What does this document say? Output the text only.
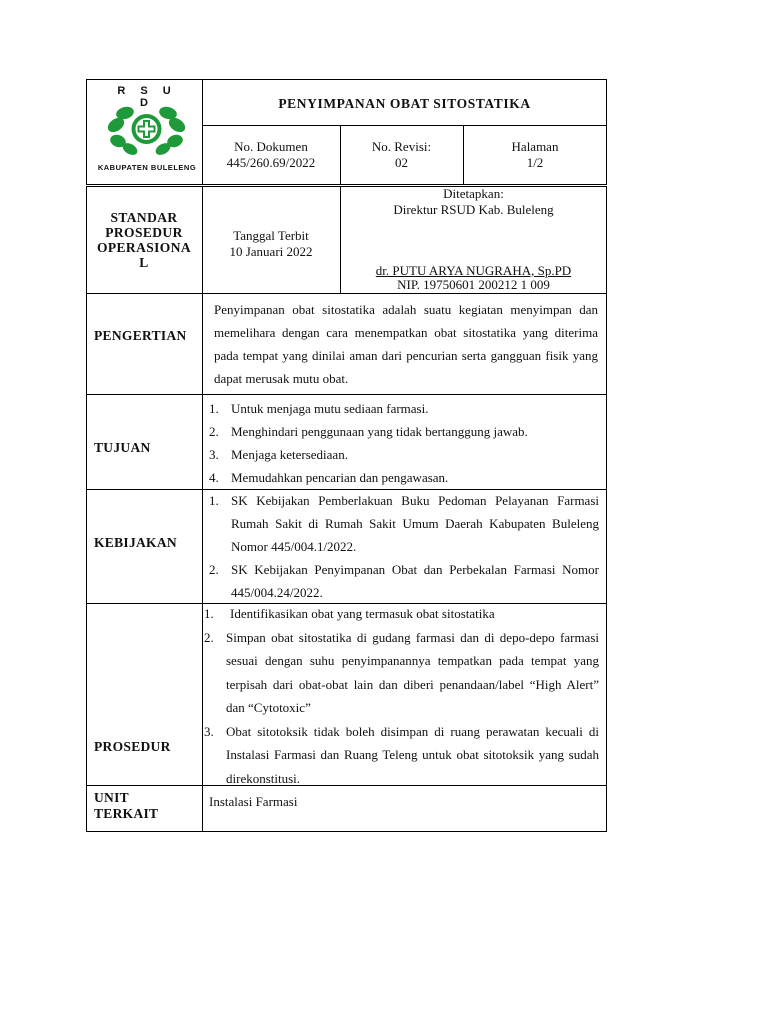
R S U D
KABUPATEN BULELENG
PENYIMPANAN OBAT SITOSTATIKA
No. Dokumen
445/260.69/2022
No. Revisi:
02
Halaman
1/2
STANDAR
PROSEDUR
OPERASIONA
L
Tanggal Terbit
10 Januari 2022
Ditetapkan:
Direktur RSUD Kab. Buleleng
dr. PUTU ARYA NUGRAHA, Sp.PD
NIP. 19750601 200212 1 009
PENGERTIAN
Penyimpanan obat sitostatika adalah suatu kegiatan menyimpan dan memelihara dengan cara menempatkan obat sitostatika yang diterima pada tempat yang dinilai aman dari pencurian serta gangguan fisik yang dapat merusak mutu obat.
TUJUAN
1. Untuk menjaga mutu sediaan farmasi.
2. Menghindari penggunaan yang tidak bertanggung jawab.
3. Menjaga ketersediaan.
4. Memudahkan pencarian dan pengawasan.
KEBIJAKAN
1. SK Kebijakan Pemberlakuan Buku Pedoman Pelayanan Farmasi Rumah Sakit di Rumah Sakit Umum Daerah Kabupaten Buleleng Nomor 445/004.1/2022.
2. SK Kebijakan Penyimpanan Obat dan Perbekalan Farmasi Nomor 445/004.24/2022.
PROSEDUR
1. Identifikasikan obat yang termasuk obat sitostatika
2. Simpan obat sitostatika di gudang farmasi dan di depo-depo farmasi sesuai dengan suhu penyimpanannya tempatkan pada tempat yang terpisah dari obat-obat lain dan diberi penandaan/label “High Alert” dan “Cytotoxic”
3. Obat sitotoksik tidak boleh disimpan di ruang perawatan kecuali di Instalasi Farmasi dan Ruang Teleng untuk obat sitotoksik yang sudah direkonstitusi.
UNIT
TERKAIT
Instalasi Farmasi
